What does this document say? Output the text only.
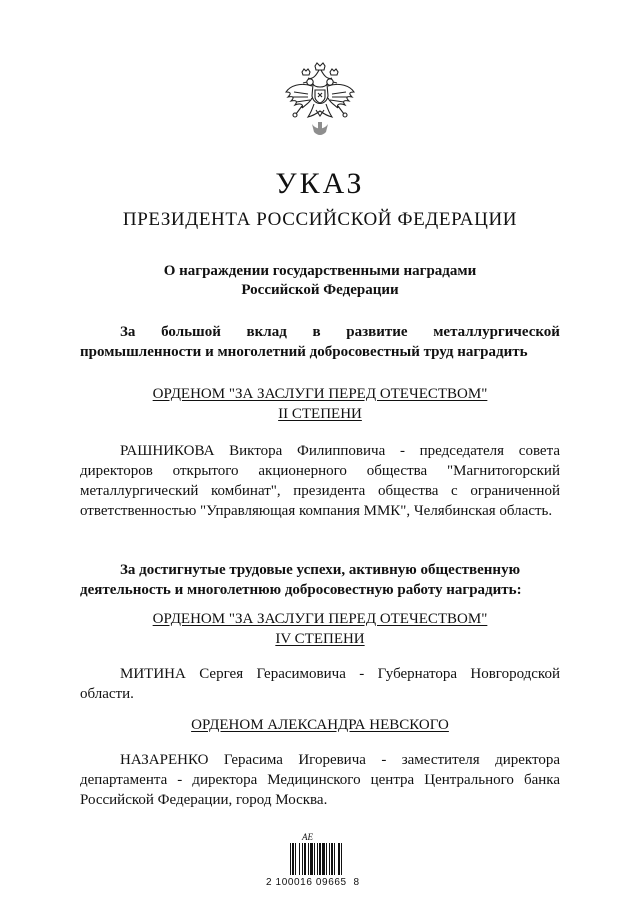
УКАЗ
ПРЕЗИДЕНТА РОССИЙСКОЙ ФЕДЕРАЦИИ
О награждении государственными наградами
Российской Федерации
За большой вклад в развитие металлургической
промышленности и многолетний добросовестный труд наградить
ОРДЕНОМ "ЗА ЗАСЛУГИ ПЕРЕД ОТЕЧЕСТВОМ"
II СТЕПЕНИ
РАШНИКОВА Виктора Филипповича - председателя совета директоров открытого акционерного общества "Магнитогорский металлургический комбинат", президента общества с ограниченной ответственностью "Управляющая компания ММК", Челябинская область.
За достигнутые трудовые успехи, активную общественную
деятельность и многолетнюю добросовестную работу наградить:
ОРДЕНОМ "ЗА ЗАСЛУГИ ПЕРЕД ОТЕЧЕСТВОМ"
IV СТЕПЕНИ
МИТИНА Сергея Герасимовича - Губернатора Новгородской области.
ОРДЕНОМ АЛЕКСАНДРА НЕВСКОГО
НАЗАРЕНКО Герасима Игоревича - заместителя директора департамента - директора Медицинского центра Центрального банка Российской Федерации, город Москва.
АЕ
2 100016 09665  8
